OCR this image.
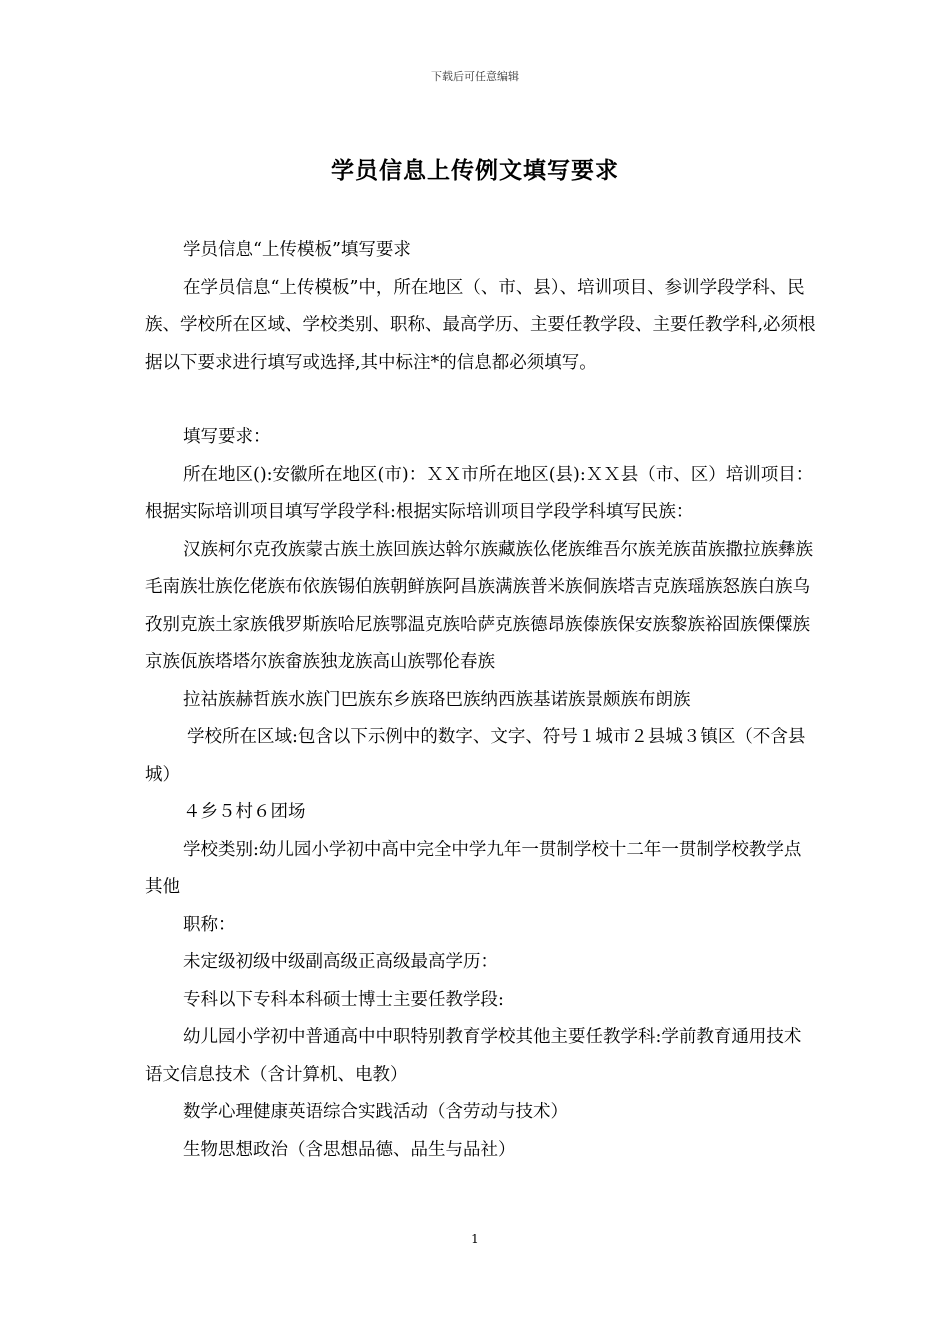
下载后可任意编辑
学员信息上传例文填写要求

学员信息“上传模板”填写要求

在学员信息“上传模板”中，所在地区（、市、县）、培训项目、参训学段学科、民族、学校所在区域、学校类别、职称、最高学历、主要任教学段、主要任教学科,必须根据以下要求进行填写或选择,其中标注*的信息都必须填写。

填写要求：

所在地区():安徽所在地区(市)：ＸＸ市所在地区(县):ＸＸ县（市、区）培训项目：根据实际培训项目填写学段学科:根据实际培训项目学段学科填写民族：

汉族柯尔克孜族蒙古族土族回族达斡尔族藏族仫佬族维吾尔族羌族苗族撒拉族彝族毛南族壮族仡佬族布依族锡伯族朝鲜族阿昌族满族普米族侗族塔吉克族瑶族怒族白族乌孜别克族土家族俄罗斯族哈尼族鄂温克族哈萨克族德昂族傣族保安族黎族裕固族傈僳族京族佤族塔塔尔族畲族独龙族高山族鄂伦春族

拉祜族赫哲族水族门巴族东乡族珞巴族纳西族基诺族景颇族布朗族

学校所在区域:包含以下示例中的数字、文字、符号１城市２县城３镇区（不含县城）

４乡５村６团场

学校类别:幼儿园小学初中高中完全中学九年一贯制学校十二年一贯制学校教学点其他

职称：

未定级初级中级副高级正高级最高学历：

专科以下专科本科硕士博士主要任教学段:

幼儿园小学初中普通高中中职特别教育学校其他主要任教学科:学前教育通用技术语文信息技术（含计算机、电教）

数学心理健康英语综合实践活动（含劳动与技术）

生物思想政治（含思想品德、品生与品社）

1
